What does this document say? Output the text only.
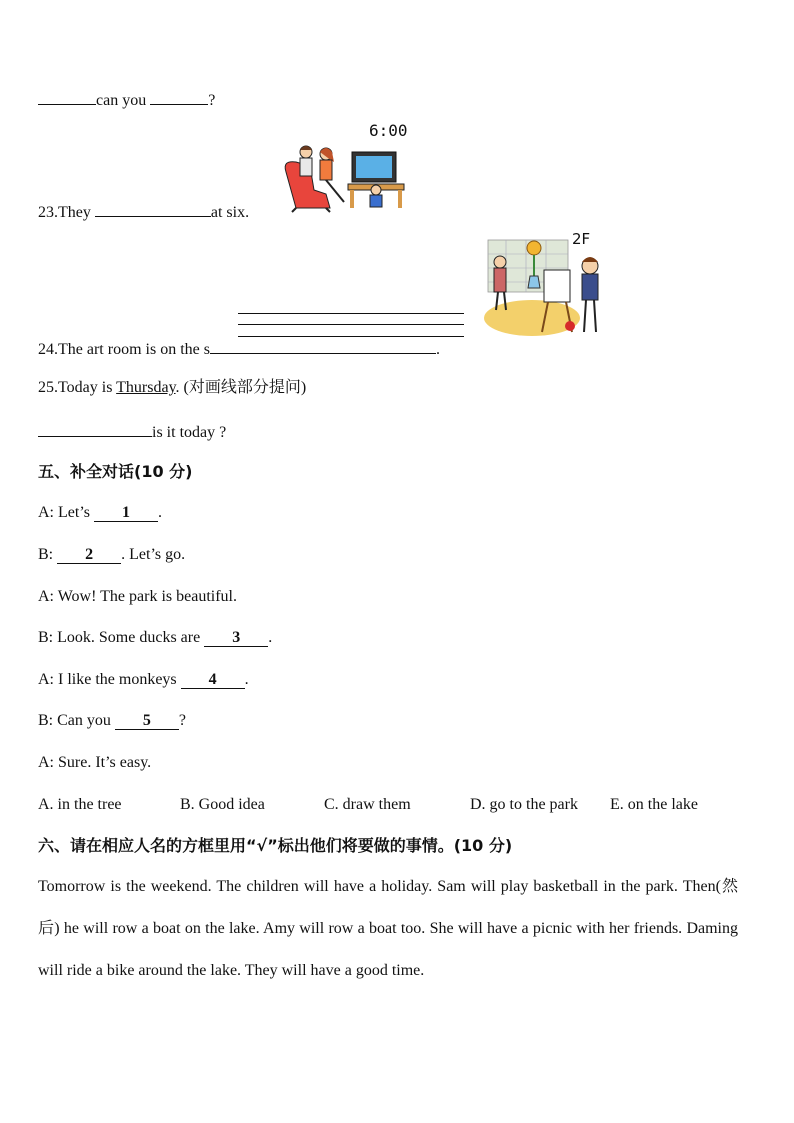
can you	?
6:00
23.They	at six.
2F
24.The art room is on the s	.
25.Today is Thursday. (对画线部分提问)
is it today ?
五、补全对话(10 分)
A: Let’s 1 .
B: 2 . Let’s go.
A: Wow! The park is beautiful.
B: Look. Some ducks are 3 .
A: I like the monkeys 4 .
B: Can you 5 ?
A: Sure. It’s easy.
A. in the tree	B. Good idea	C. draw them	D. go to the park E. on the lake
六、请在相应人名的方框里用“√”标出他们将要做的事情。(10 分)
Tomorrow is the weekend. The children will have a holiday. Sam will play basketball in the park. Then(然后) he will row a boat on the lake. Amy will row a boat too. She will have a picnic with her friends. Daming will ride a bike around the lake. They will have a good time.
